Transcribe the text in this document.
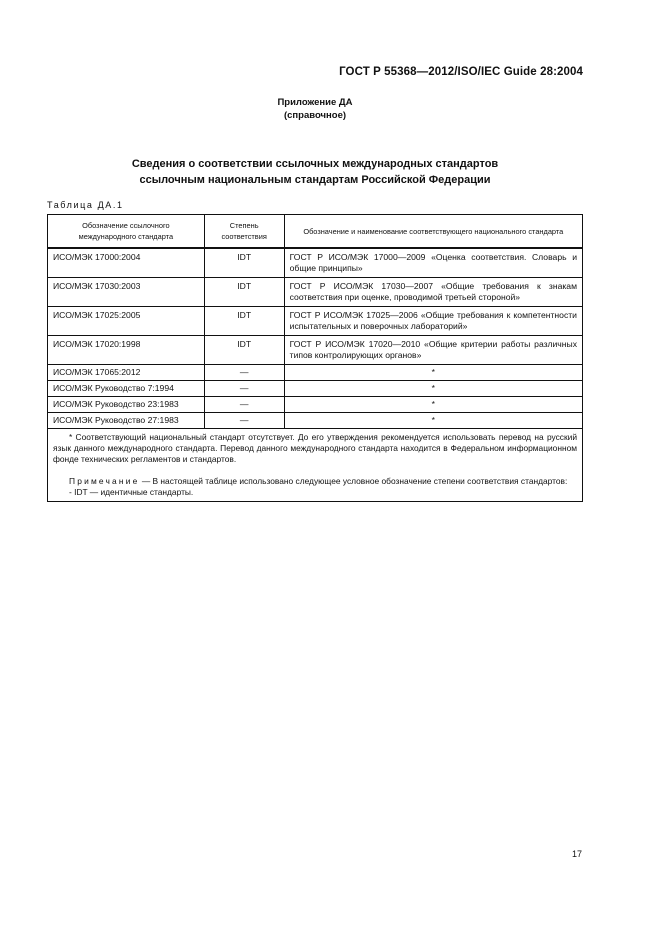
ГОСТ Р 55368—2012/ISO/IEC Guide 28:2004
Приложение ДА
(справочное)
Сведения о соответствии ссылочных международных стандартов
ссылочным национальным стандартам Российской Федерации
Таблица ДА.1
Обозначение ссылочного международного стандарта	Степень соответствия	Обозначение и наименование соответствующего национального стандарта
ИСО/МЭК 17000:2004	IDT	ГОСТ Р ИСО/МЭК 17000—2009 «Оценка соответствия. Словарь и общие принципы»
ИСО/МЭК 17030:2003	IDT	ГОСТ Р ИСО/МЭК 17030—2007 «Общие требования к знакам соответствия при оценке, проводимой третьей стороной»
ИСО/МЭК 17025:2005	IDT	ГОСТ Р ИСО/МЭК 17025—2006 «Общие требования к компетентности испытательных и поверочных лабораторий»
ИСО/МЭК 17020:1998	IDT	ГОСТ Р ИСО/МЭК 17020—2010 «Общие критерии работы различных типов контролирующих органов»
ИСО/МЭК 17065:2012	—	*
ИСО/МЭК Руководство 7:1994	—	*
ИСО/МЭК Руководство 23:1983	—	*
ИСО/МЭК Руководство 27:1983	—	*

* Соответствующий национальный стандарт отсутствует. До его утверждения рекомендуется использовать перевод на русский язык данного международного стандарта. Перевод данного международного стандарта находится в Федеральном информационном фонде технических регламентов и стандартов.

Примечание — В настоящей таблице использовано следующее условное обозначение степени соответствия стандартов:

- IDT — идентичные стандарты.		

17
